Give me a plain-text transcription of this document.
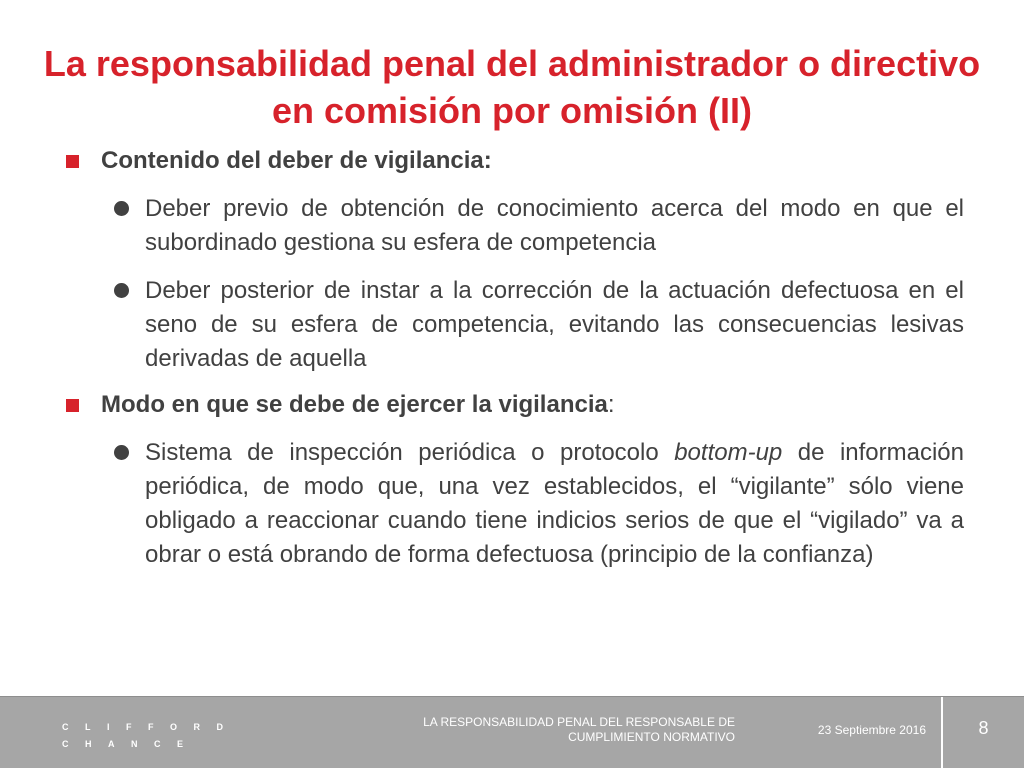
La responsabilidad penal del administrador o directivo en comisión por omisión (II)
Contenido del deber de vigilancia:
Deber previo de obtención de conocimiento acerca del modo en que el subordinado gestiona su esfera de competencia
Deber posterior de instar a la corrección de la actuación defectuosa en el seno de su esfera de competencia, evitando las consecuencias lesivas derivadas de aquella
Modo en que se debe de ejercer la vigilancia:
Sistema de inspección periódica o protocolo bottom-up de información periódica, de modo que, una vez establecidos, el “vigilante” sólo viene obligado a reaccionar cuando tiene indicios serios de que el “vigilado” va a obrar o está obrando de forma defectuosa (principio de la confianza)
CLIFFORD
CHANCE
LA RESPONSABILIDAD PENAL DEL RESPONSABLE DE CUMPLIMIENTO NORMATIVO	23 Septiembre 2016	8
